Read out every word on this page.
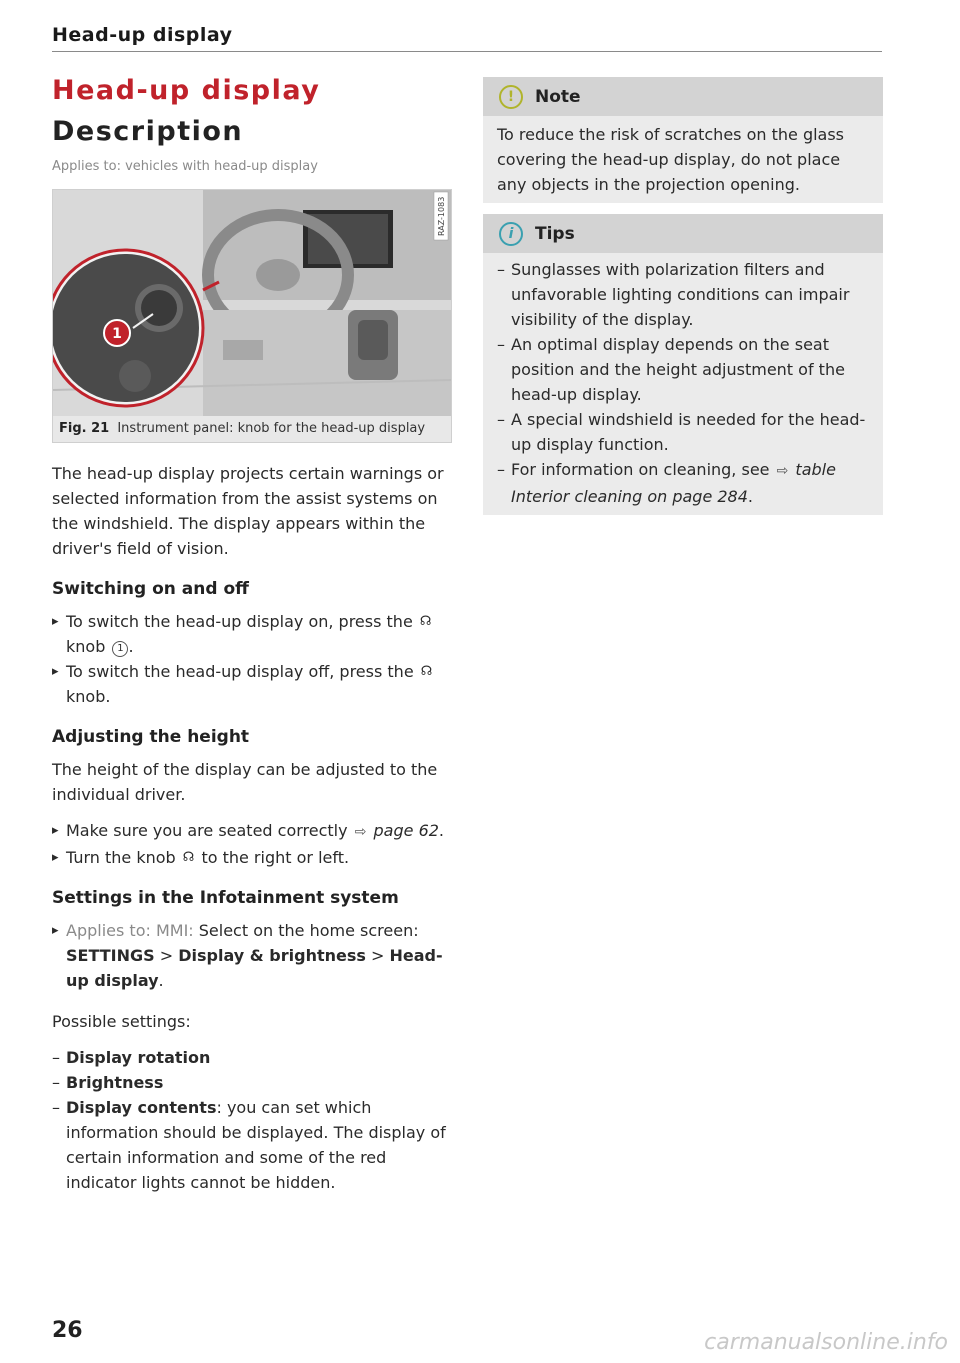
Head-up display
Head-up display
Description

Applies to: vehicles with head-up display

1
RAZ-1083
Fig. 21 Instrument panel: knob for the head-up display

The head-up display projects certain warnings or selected information from the assist systems on the windshield. The display appears within the driver's field of vision.

Switching on and off

▸ To switch the head-up display on, press the ☊ knob 1 .

▸ To switch the head-up display off, press the ☊ knob.

Adjusting the height

The height of the display can be adjusted to the individual driver.

▸ Make sure you are seated correctly ⇨ page 62.

▸ Turn the knob ☊ to the right or left.

Settings in the Infotainment system

▸ Applies to: MMI: Select on the home screen: SETTINGS > Display & brightness > Head-up display.

Possible settings:

– Display rotation

– Brightness

– Display contents: you can set which information should be displayed. The display of certain information and some of the red indicator lights cannot be hidden.

!	Note

To reduce the risk of scratches on the glass covering the head-up display, do not place any objects in the projection opening.

i	Tips

– Sunglasses with polarization filters and unfavorable lighting conditions can impair visibility of the display.

– An optimal display depends on the seat position and the height adjustment of the head-up display.

– A special windshield is needed for the head-up display function.

– For information on cleaning, see ⇨ table Interior cleaning on page 284.

26	carmanualsonline.info
